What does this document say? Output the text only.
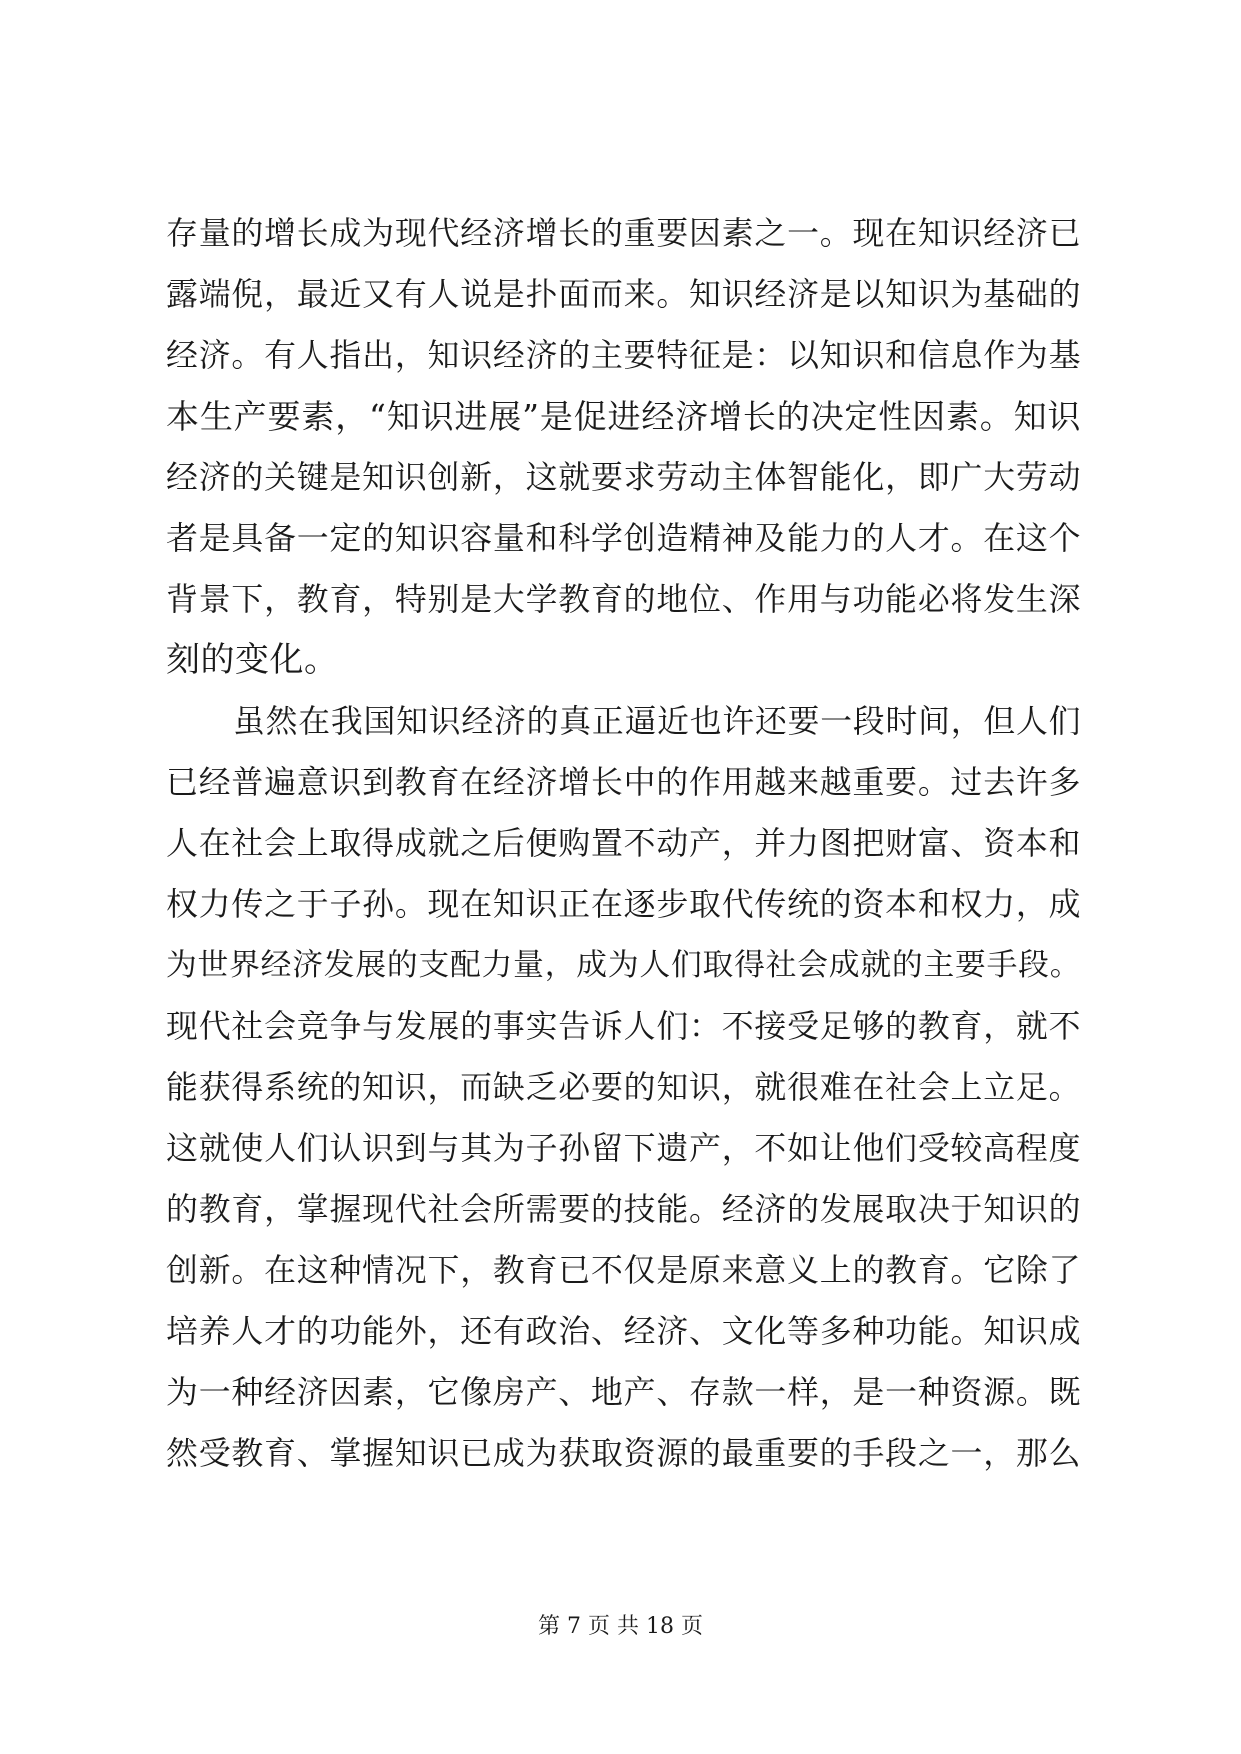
存量的增长成为现代经济增长的重要因素之一。现在知识经济已
露端倪，最近又有人说是扑面而来。知识经济是以知识为基础的
经济。有人指出，知识经济的主要特征是：以知识和信息作为基
本生产要素，“知识进展”是促进经济增长的决定性因素。知识
经济的关键是知识创新，这就要求劳动主体智能化，即广大劳动
者是具备一定的知识容量和科学创造精神及能力的人才。在这个
背景下，教育，特别是大学教育的地位、作用与功能必将发生深
刻的变化。
虽然在我国知识经济的真正逼近也许还要一段时间，但人们
已经普遍意识到教育在经济增长中的作用越来越重要。过去许多
人在社会上取得成就之后便购置不动产，并力图把财富、资本和
权力传之于子孙。现在知识正在逐步取代传统的资本和权力，成
为世界经济发展的支配力量，成为人们取得社会成就的主要手段。
现代社会竞争与发展的事实告诉人们：不接受足够的教育，就不
能获得系统的知识，而缺乏必要的知识，就很难在社会上立足。
这就使人们认识到与其为子孙留下遗产，不如让他们受较高程度
的教育，掌握现代社会所需要的技能。经济的发展取决于知识的
创新。在这种情况下，教育已不仅是原来意义上的教育。它除了
培养人才的功能外，还有政治、经济、文化等多种功能。知识成
为一种经济因素，它像房产、地产、存款一样，是一种资源。既
然受教育、掌握知识已成为获取资源的最重要的手段之一，那么
第 7 页 共 18 页
